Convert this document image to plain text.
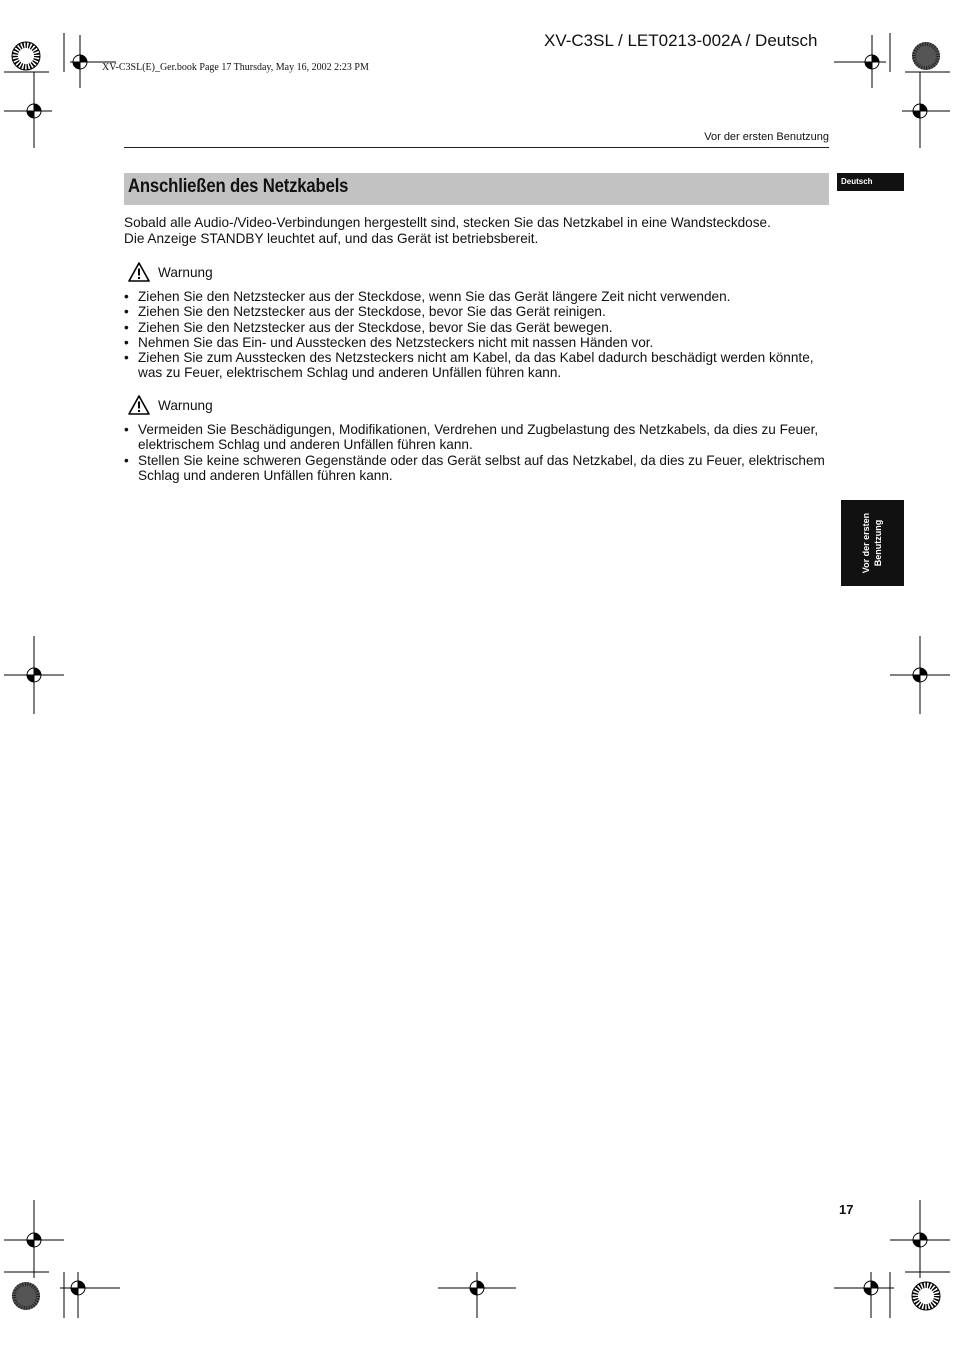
XV-C3SL / LET0213-002A / Deutsch
XV-C3SL(E)_Ger.book Page 17 Thursday, May 16, 2002 2:23 PM
Vor der ersten Benutzung
Deutsch
Anschließen des Netzkabels
Sobald alle Audio-/Video-Verbindungen hergestellt sind, stecken Sie das Netzkabel in eine Wandsteckdose.
Die Anzeige STANDBY leuchtet auf, und das Gerät ist betriebsbereit.
Warnung
• Ziehen Sie den Netzstecker aus der Steckdose, wenn Sie das Gerät längere Zeit nicht verwenden.
• Ziehen Sie den Netzstecker aus der Steckdose, bevor Sie das Gerät reinigen.
• Ziehen Sie den Netzstecker aus der Steckdose, bevor Sie das Gerät bewegen.
• Nehmen Sie das Ein- und Ausstecken des Netzsteckers nicht mit nassen Händen vor.
• Ziehen Sie zum Ausstecken des Netzsteckers nicht am Kabel, da das Kabel dadurch beschädigt werden könnte, was zu Feuer, elektrischem Schlag und anderen Unfällen führen kann.
Warnung
• Vermeiden Sie Beschädigungen, Modifikationen, Verdrehen und Zugbelastung des Netzkabels, da dies zu Feuer, elektrischem Schlag und anderen Unfällen führen kann.
• Stellen Sie keine schweren Gegenstände oder das Gerät selbst auf das Netzkabel, da dies zu Feuer, elektrischem Schlag und anderen Unfällen führen kann.
Vor der ersten Benutzung
17
